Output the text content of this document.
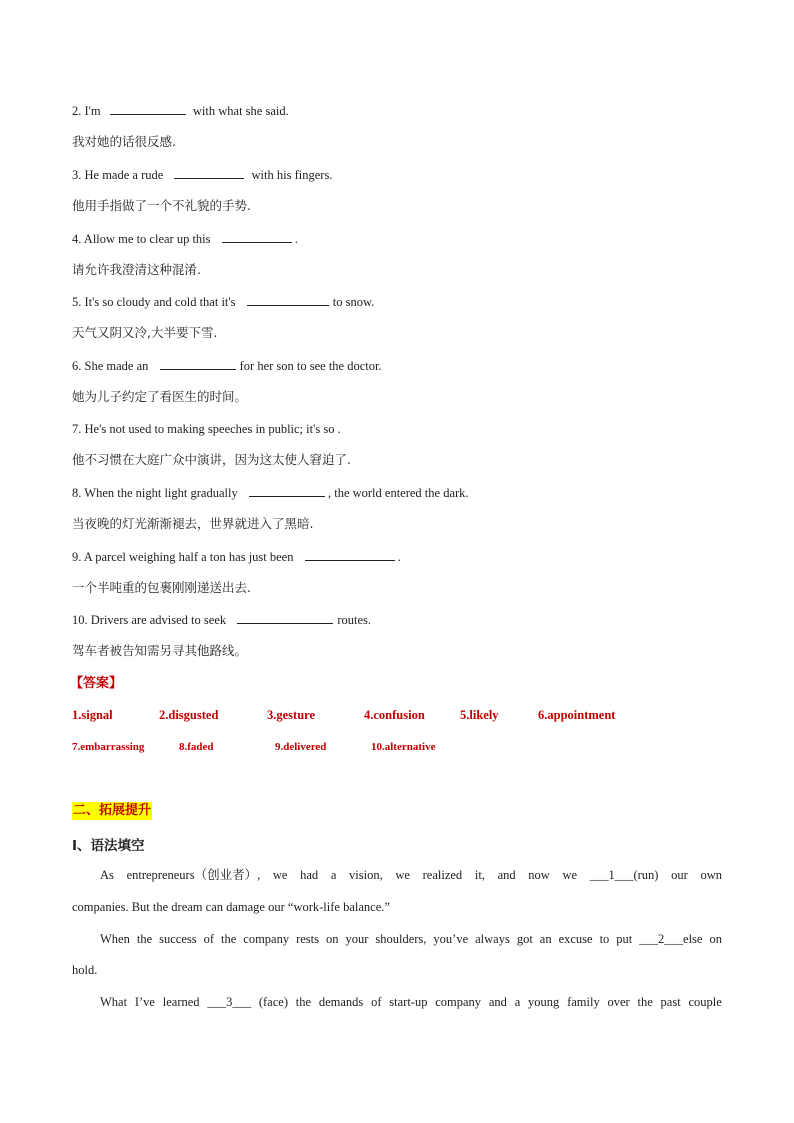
2. I'm	with what she said.
我对她的话很反感.
3. He made a rude	with his fingers.
他用手指做了一个不礼貌的手势.
4. Allow me to clear up this	.
请允许我澄清这种混淆.
5. It's so cloudy and cold that it's	to snow.
天气又阴又冷,大半要下雪.
6. She made an	for her son to see the doctor.
她为儿子约定了看医生的时间。
7. He's not used to making speeches in public; it's so .
他不习惯在大庭广众中演讲，因为这太使人窘迫了.
8. When the night light gradually	, the world entered the dark.
当夜晚的灯光渐渐褪去，世界就进入了黑暗.
9. A parcel weighing half a ton has just been	.
一个半吨重的包裹刚刚递送出去.
10. Drivers are advised to seek	routes.
驾车者被告知需另寻其他路线。
【答案】
1.signal	2.disgusted	3.gesture	4.confusion	5.likely	6.appointment
7.embarrassing	8.faded	9.delivered	10.alternative
二、拓展提升
I、语法填空
As entrepreneurs（创业者）, we had a vision, we realized it, and now we ___1___(run) our own
companies. But the dream can damage our “work-life balance.”
When the success of the company rests on your shoulders, you’ve always got an excuse to put ___2___else on
hold.
What I’ve learned ___3___ (face) the demands of start-up company and a young family over the past couple
